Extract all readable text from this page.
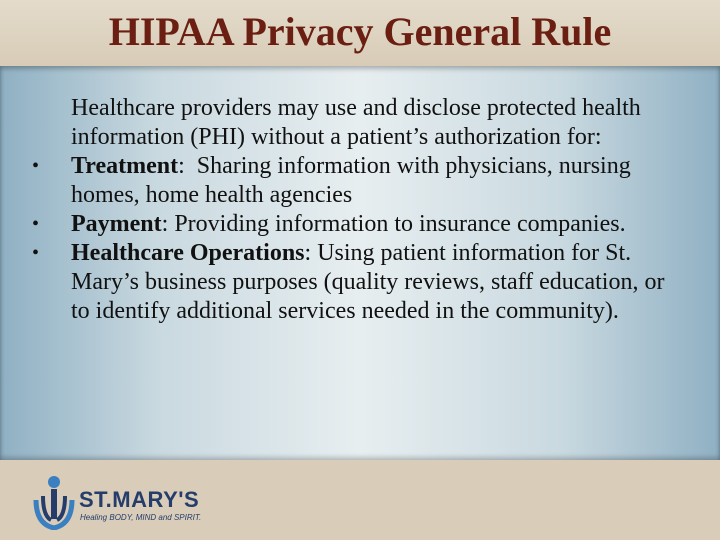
HIPAA Privacy General Rule

Healthcare providers may use and disclose protected health information (PHI) without a patient’s authorization for:

• Treatment:  Sharing information with physicians, nursing homes, home health agencies
• Payment: Providing information to insurance companies.
• Healthcare Operations: Using patient information for St. Mary’s business purposes (quality reviews, staff education, or to identify additional services needed in the community).
ST.MARY'S
Healing BODY, MIND and SPIRIT.
